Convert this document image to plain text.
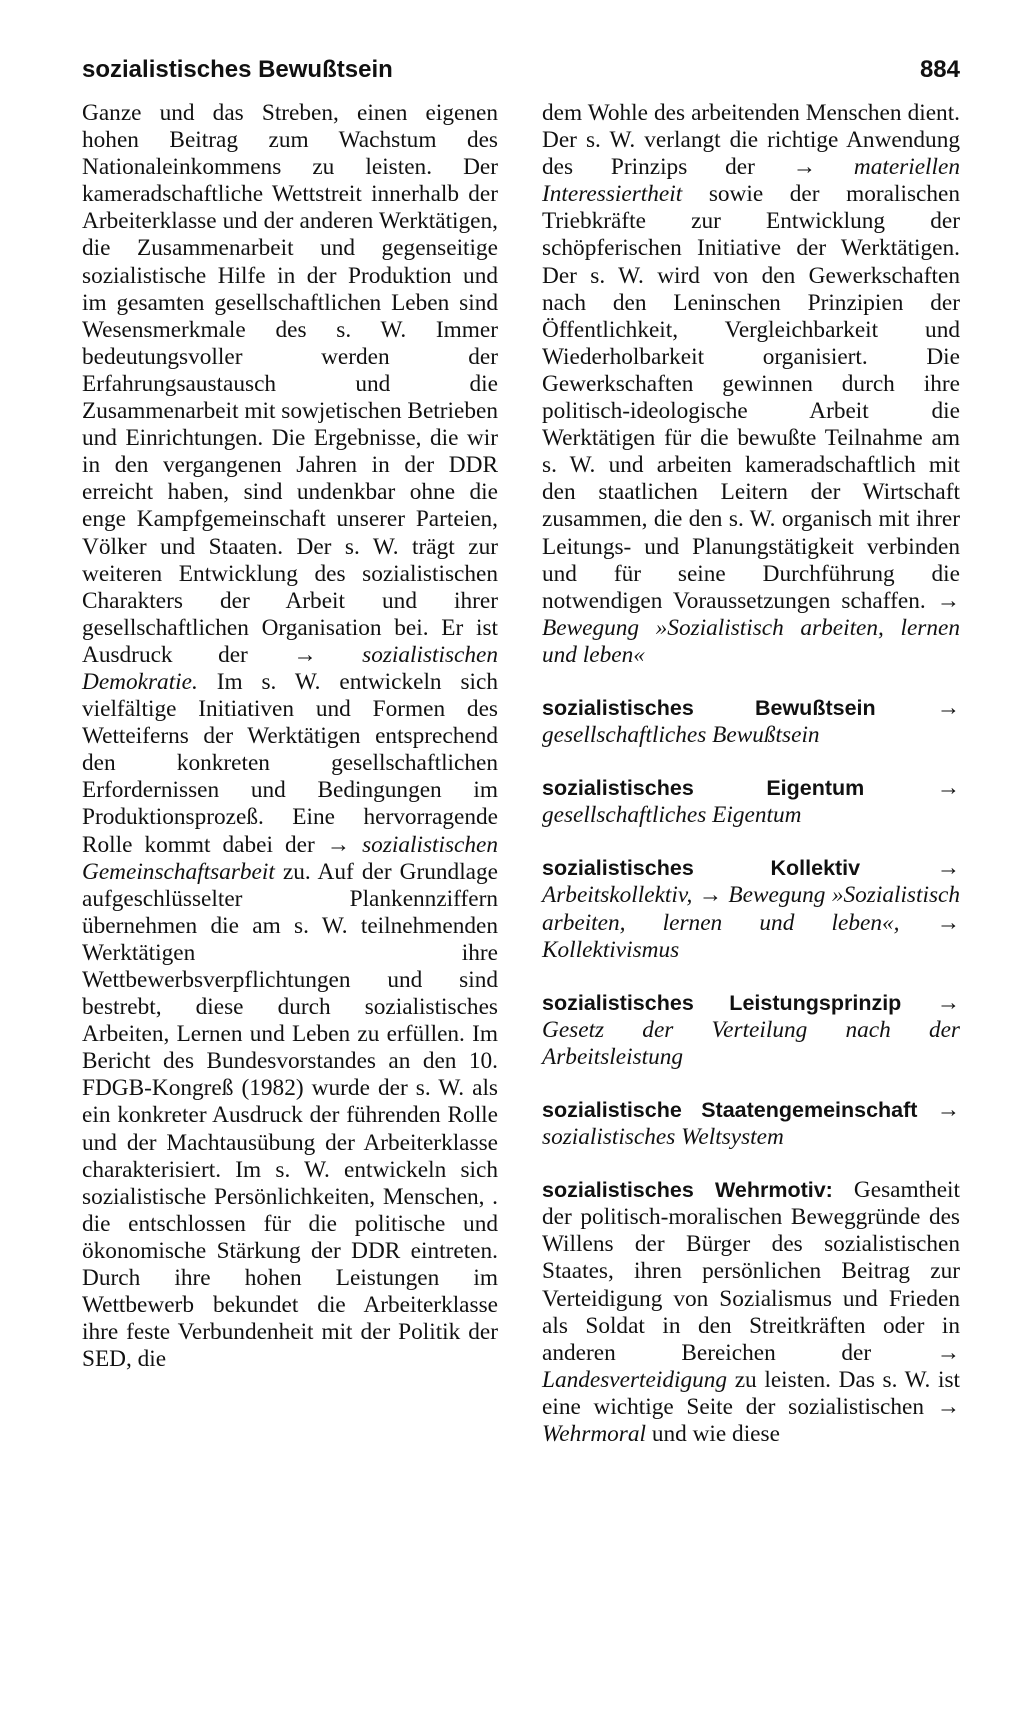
sozialistisches Bewußtsein	884
Ganze und das Streben, einen eigenen hohen Beitrag zum Wachstum des Nationaleinkommens zu leisten. Der kameradschaftliche Wettstreit innerhalb der Arbeiterklasse und der anderen Werktätigen, die Zusammenarbeit und gegenseitige sozialistische Hilfe in der Produktion und im gesamten gesellschaftlichen Leben sind Wesensmerkmale des s. W. Immer bedeutungsvoller werden der Erfahrungsaustausch und die Zusammenarbeit mit sowjetischen Betrieben und Einrichtungen. Die Ergebnisse, die wir in den vergangenen Jahren in der DDR erreicht haben, sind undenkbar ohne die enge Kampfgemeinschaft unserer Parteien, Völker und Staaten. Der s. W. trägt zur weiteren Entwicklung des sozialistischen Charakters der Arbeit und ihrer gesellschaftlichen Organisation bei. Er ist Ausdruck der → sozialistischen Demokratie. Im s. W. entwickeln sich vielfältige Initiativen und Formen des Wetteiferns der Werktätigen entsprechend den konkreten gesellschaftlichen Erfordernissen und Bedingungen im Produktionsprozeß. Eine hervorragende Rolle kommt dabei der → sozialistischen Gemeinschaftsarbeit zu. Auf der Grundlage aufgeschlüsselter Plankennziffern übernehmen die am s. W. teilnehmenden Werktätigen ihre Wettbewerbsverpflichtungen und sind bestrebt, diese durch sozialistisches Arbeiten, Lernen und Leben zu erfüllen. Im Bericht des Bundesvorstandes an den 10. FDGB-Kongreß (1982) wurde der s. W. als ein konkreter Ausdruck der führenden Rolle und der Machtausübung der Arbeiterklasse charakterisiert. Im s. W. entwickeln sich sozialistische Persönlichkeiten, Menschen, . die entschlossen für die politische und ökonomische Stärkung der DDR eintreten. Durch ihre hohen Leistungen im Wettbewerb bekundet die Arbeiterklasse ihre feste Verbundenheit mit der Politik der SED, die
dem Wohle des arbeitenden Menschen dient. Der s. W. verlangt die richtige Anwendung des Prinzips der → materiellen Interessiertheit sowie der moralischen Triebkräfte zur Entwicklung der schöpferischen Initiative der Werktätigen. Der s. W. wird von den Gewerkschaften nach den Leninschen Prinzipien der Öffentlichkeit, Vergleichbarkeit und Wiederholbarkeit organisiert. Die Gewerkschaften gewinnen durch ihre politisch-ideologische Arbeit die Werktätigen für die bewußte Teilnahme am s. W. und arbeiten kameradschaftlich mit den staatlichen Leitern der Wirtschaft zusammen, die den s. W. organisch mit ihrer Leitungs- und Planungstätigkeit verbinden und für seine Durchführung die notwendigen Voraussetzungen schaffen. → Bewegung »Sozialistisch arbeiten, lernen und leben«
sozialistisches Bewußtsein	→ gesellschaftliches Bewußtsein
sozialistisches Eigentum	→ gesellschaftliches Eigentum
sozialistisches Kollektiv	→ Arbeitskollektiv, → Bewegung »Sozialistisch arbeiten, lernen und leben«, → Kollektivismus
sozialistisches Leistungsprinzip → Gesetz der Verteilung nach der Arbeitsleistung
sozialistische Staatengemeinschaft → sozialistisches Weltsystem
sozialistisches Wehrmotiv: Gesamtheit der politisch-moralischen Beweggründe des Willens der Bürger des sozialistischen Staates, ihren persönlichen Beitrag zur Verteidigung von Sozialismus und Frieden als Soldat in den Streitkräften oder in anderen Bereichen der	→ Landesverteidigung zu leisten. Das s. W. ist eine wichtige Seite der sozialistischen → Wehrmoral und wie diese
